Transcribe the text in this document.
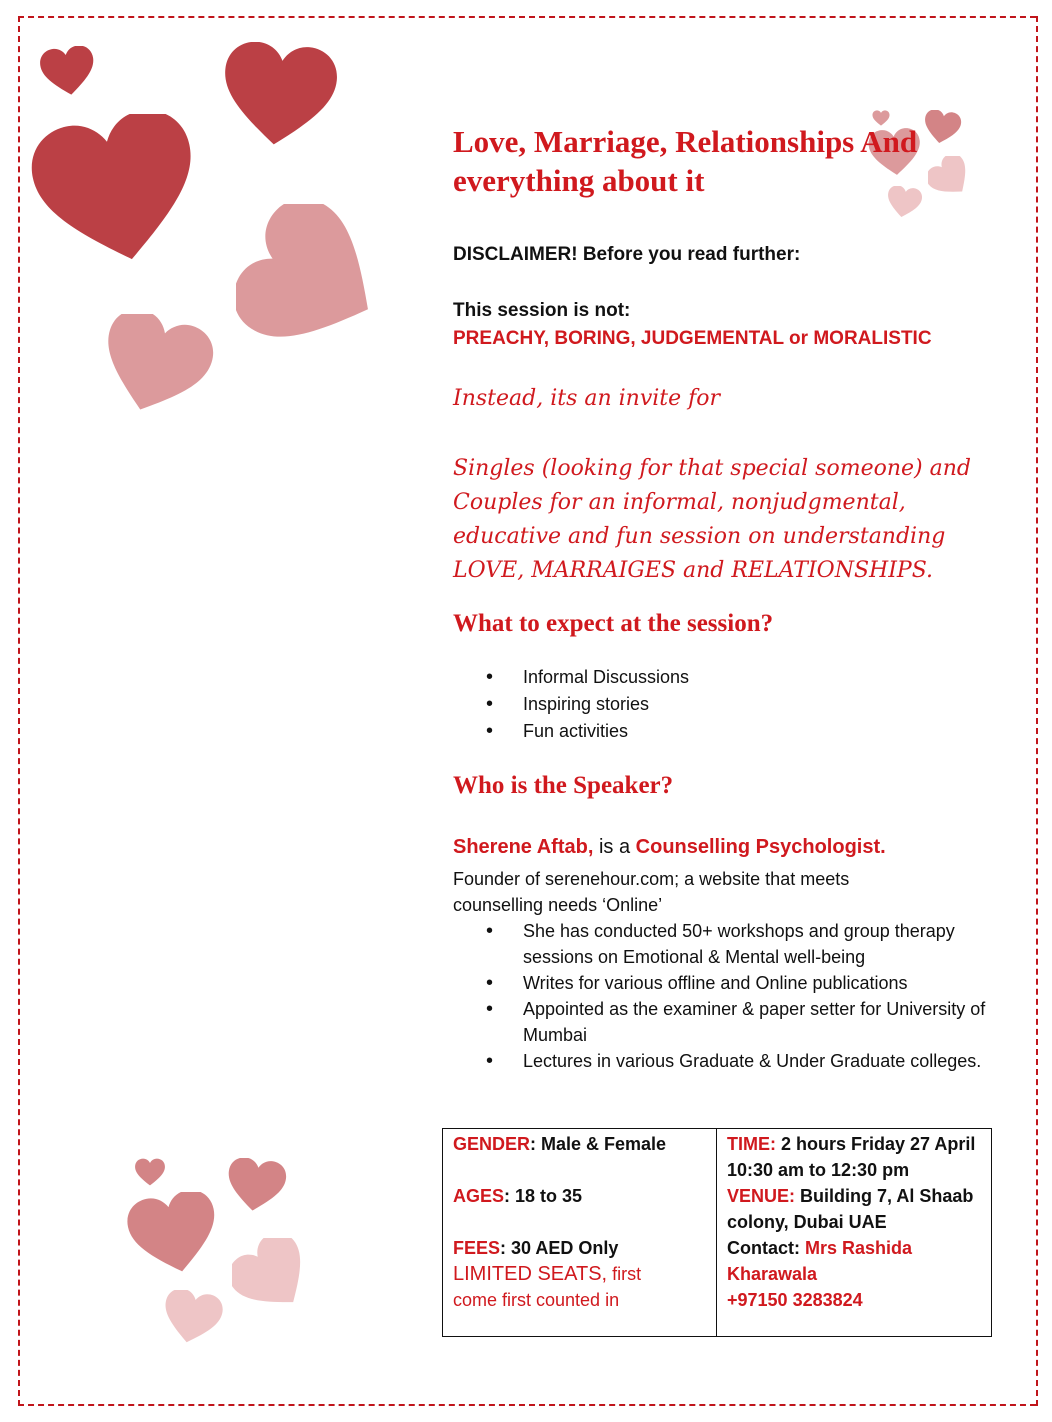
Love, Marriage, Relationships And everything about it
DISCLAIMER! Before you read further:
This session is not:
PREACHY, BORING, JUDGEMENTAL or MORALISTIC
Instead, its an invite for
Singles (looking for that special someone) and Couples for an informal, nonjudgmental, educative and fun session on understanding LOVE, MARRAIGES and RELATIONSHIPS.
What to expect at the session?
• Informal Discussions
• Inspiring stories
• Fun activities
Who is the Speaker?
Sherene Aftab, is a Counselling Psychologist.
Founder of serenehour.com; a website that meets counselling needs ‘Online’
• She has conducted 50+ workshops and group therapy sessions on Emotional & Mental well-being
• Writes for various offline and Online publications
• Appointed as the examiner & paper setter for University of Mumbai
• Lectures in various Graduate & Under Graduate colleges.
GENDER: Male & Female
AGES: 18 to 35
FEES: 30 AED Only
LIMITED SEATS, first
come first counted in
TIME: 2 hours Friday 27 April
10:30 am to 12:30 pm
VENUE: Building 7, Al Shaab colony, Dubai UAE
Contact: Mrs Rashida Kharawala
+97150 3283824
